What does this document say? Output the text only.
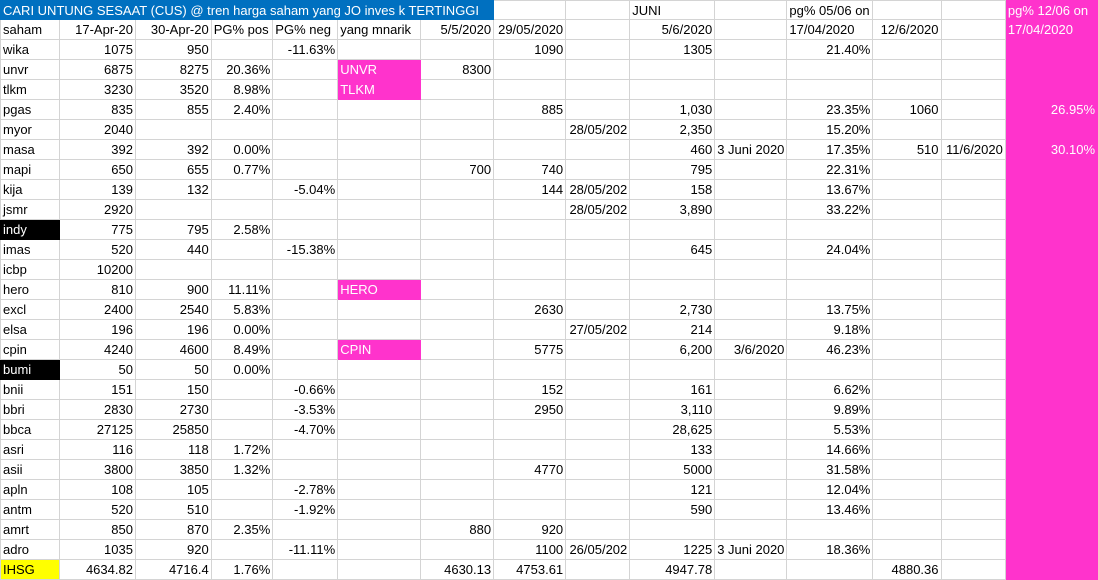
CARI UNTUNG SESAAT (CUS) @ tren harga saham yang JO inves k TERTINGGI									JUNI		pg% 05/06 on			pg% 12/06 on
saham	17-Apr-20	30-Apr-20	PG% pos	PG% neg	yang mnarik	5/5/2020	29/05/2020		5/6/2020		17/04/2020	12/6/2020		17/04/2020
wika	1075	950		-11.63%			1090		1305		21.40%			
unvr	6875	8275	20.36%		UNVR	8300								
tlkm	3230	3520	8.98%		TLKM									
pgas	835	855	2.40%				885		1,030		23.35%	1060		26.95%
myor	2040							28/05/202	2,350		15.20%			
masa	392	392	0.00%						460	3 Juni 2020	17.35%	510	11/6/2020	30.10%
mapi	650	655	0.77%			700	740		795		22.31%			
kija	139	132		-5.04%			144	28/05/202	158		13.67%			
jsmr	2920							28/05/202	3,890		33.22%			
indy	775	795	2.58%											
imas	520	440		-15.38%					645		24.04%			
icbp	10200													
hero	810	900	11.11%		HERO									
excl	2400	2540	5.83%				2630		2,730		13.75%			
elsa	196	196	0.00%					27/05/202	214		9.18%			
cpin	4240	4600	8.49%		CPIN		5775		6,200	3/6/2020	46.23%			
bumi	50	50	0.00%											
bnii	151	150		-0.66%			152		161		6.62%			
bbri	2830	2730		-3.53%			2950		3,110		9.89%			
bbca	27125	25850		-4.70%					28,625		5.53%			
asri	116	118	1.72%						133		14.66%			
asii	3800	3850	1.32%				4770		5000		31.58%			
apln	108	105		-2.78%					121		12.04%			
antm	520	510		-1.92%					590		13.46%			
amrt	850	870	2.35%			880	920							
adro	1035	920		-11.11%			1100	26/05/202	1225	3 Juni 2020	18.36%			
IHSG	4634.82	4716.4	1.76%			4630.13	4753.61		4947.78			4880.36		
